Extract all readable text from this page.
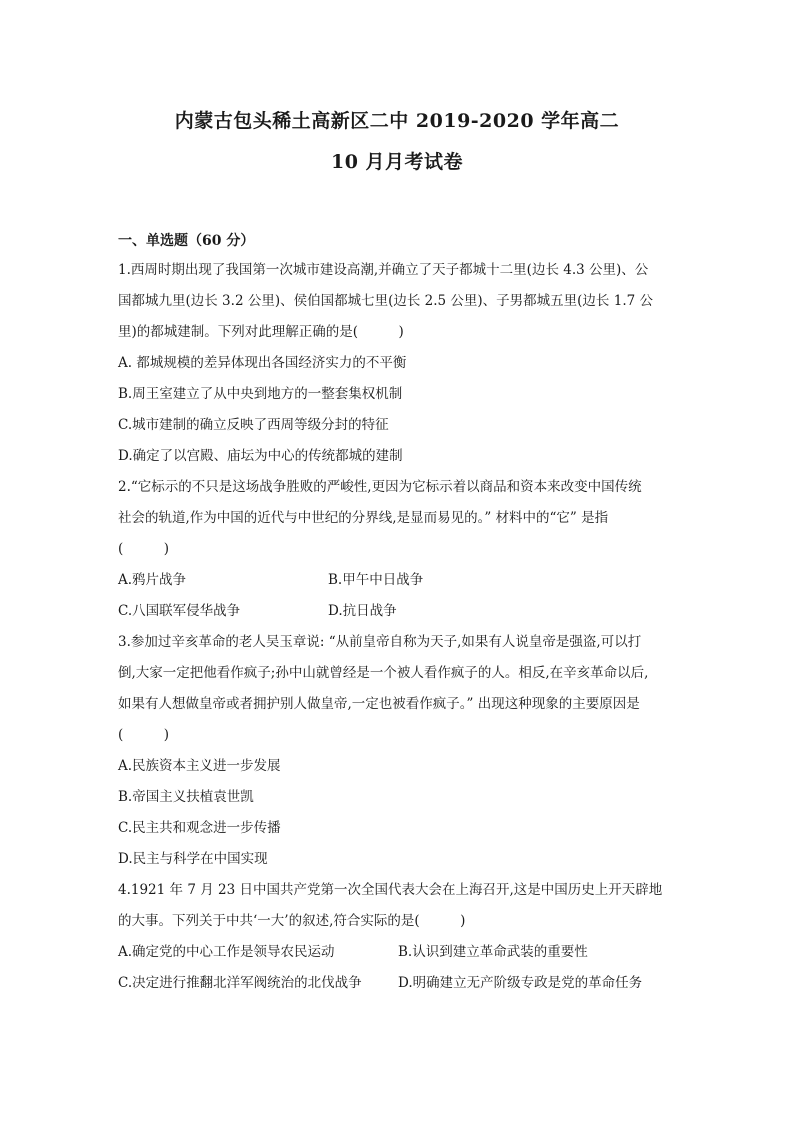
内蒙古包头稀土高新区二中 2019-2020 学年高二
10 月月考试卷
一、单选题（60 分）
1.西周时期出现了我国第一次城市建设高潮,并确立了天子都城十二里(边长 4.3 公里)、公
国都城九里(边长 3.2 公里)、侯伯国都城七里(边长 2.5 公里)、子男都城五里(边长 1.7 公
里)的都城建制。下列对此理解正确的是(　　　)
A. 都城规模的差异体现出各国经济实力的不平衡
B.周王室建立了从中央到地方的一整套集权机制
C.城市建制的确立反映了西周等级分封的特征
D.确定了以宫殿、庙坛为中心的传统都城的建制
2.“它标示的不只是这场战争胜败的严峻性,更因为它标示着以商品和资本来改变中国传统
社会的轨道,作为中国的近代与中世纪的分界线,是显而易见的。” 材料中的“它” 是指
(　　　)
A.鸦片战争	B.甲午中日战争
C.八国联军侵华战争	D.抗日战争
3.参加过辛亥革命的老人吴玉章说: “从前皇帝自称为天子,如果有人说皇帝是强盗,可以打
倒,大家一定把他看作疯子;孙中山就曾经是一个被人看作疯子的人。相反,在辛亥革命以后,
如果有人想做皇帝或者拥护别人做皇帝,一定也被看作疯子。” 出现这种现象的主要原因是
(　　　)
A.民族资本主义进一步发展
B.帝国主义扶植袁世凯
C.民主共和观念进一步传播
D.民主与科学在中国实现
4.1921 年 7 月 23 日中国共产党第一次全国代表大会在上海召开,这是中国历史上开天辟地
的大事。下列关于中共‘一大’的叙述,符合实际的是(　　　)
A.确定党的中心工作是领导农民运动	B.认识到建立革命武装的重要性
C.决定进行推翻北洋军阀统治的北伐战争	D.明确建立无产阶级专政是党的革命任务
